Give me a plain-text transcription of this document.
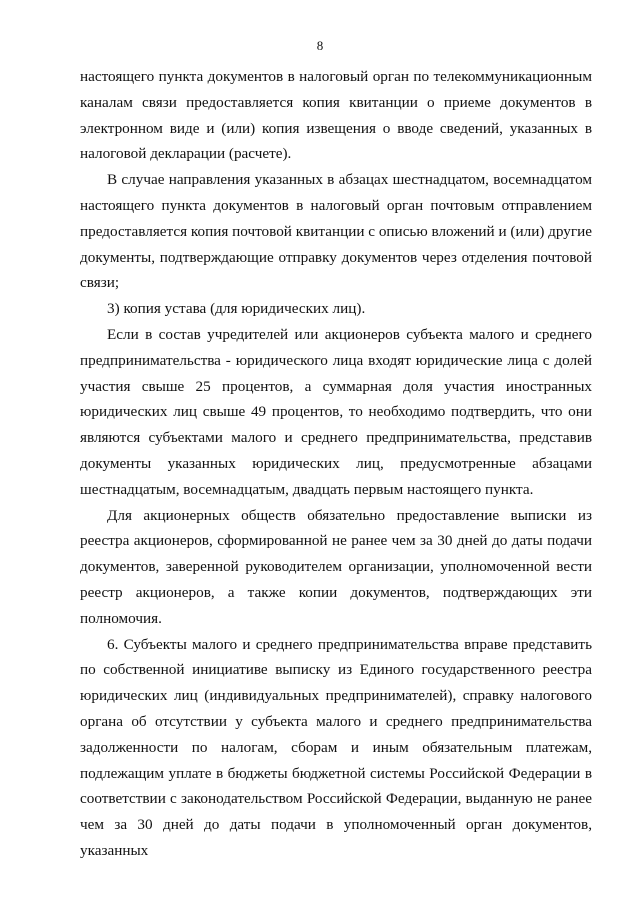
8

настоящего пункта документов в налоговый орган по телекоммуникационным каналам связи предоставляется копия квитанции о приеме документов в электронном виде и (или) копия извещения о вводе сведений, указанных в налоговой декларации (расчете).

В случае направления указанных в абзацах шестнадцатом, восемнадцатом настоящего пункта документов в налоговый орган почтовым отправлением предоставляется копия почтовой квитанции с описью вложений и (или) другие документы, подтверждающие отправку документов через отделения почтовой связи;

3) копия устава (для юридических лиц).

Если в состав учредителей или акционеров субъекта малого и среднего предпринимательства - юридического лица входят юридические лица с долей участия свыше 25 процентов, а суммарная доля участия иностранных юридических лиц свыше 49 процентов, то необходимо подтвердить, что они являются субъектами малого и среднего предпринимательства, представив документы указанных юридических лиц, предусмотренные абзацами шестнадцатым, восемнадцатым, двадцать первым настоящего пункта.

Для акционерных обществ обязательно предоставление выписки из реестра акционеров, сформированной не ранее чем за 30 дней до даты подачи документов, заверенной руководителем организации, уполномоченной вести реестр акционеров, а также копии документов, подтверждающих эти полномочия.

6. Субъекты малого и среднего предпринимательства вправе представить по собственной инициативе выписку из Единого государственного реестра юридических лиц (индивидуальных предпринимателей), справку налогового органа об отсутствии у субъекта малого и среднего предпринимательства задолженности по налогам, сборам и иным обязательным платежам, подлежащим уплате в бюджеты бюджетной системы Российской Федерации в соответствии с законодательством Российской Федерации, выданную не ранее чем за 30 дней до даты подачи в уполномоченный орган документов, указанных
